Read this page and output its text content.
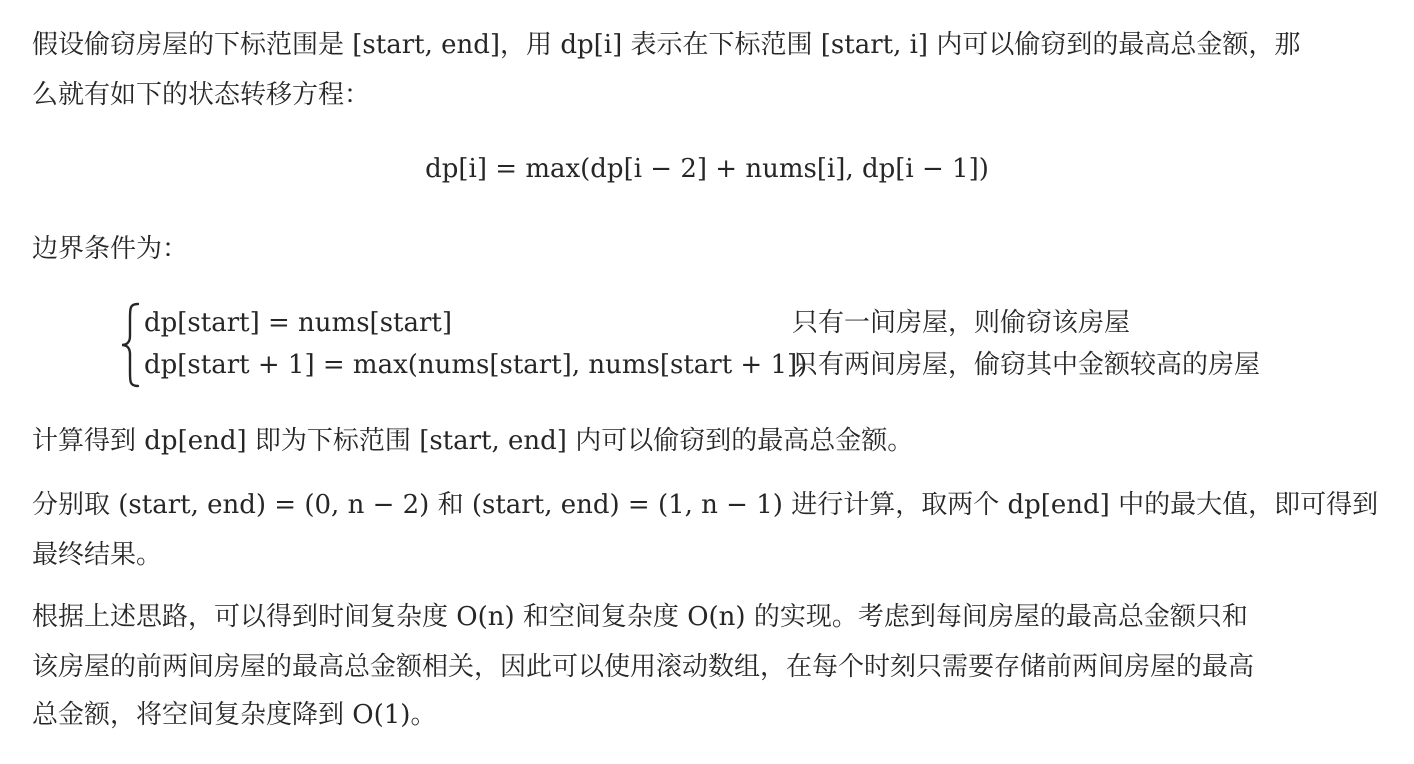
假设偷窃房屋的下标范围是 [start, end]，用 dp[i] 表示在下标范围 [start, i] 内可以偷窃到的最高总金额，那
么就有如下的状态转移方程：
dp[i] = max(dp[i − 2] + nums[i], dp[i − 1])
边界条件为：
dp[start] = nums[start]	只有一间房屋，则偷窃该房屋
dp[start + 1] = max(nums[start], nums[start + 1])
只有两间房屋，偷窃其中金额较高的房屋
计算得到 dp[end] 即为下标范围 [start, end] 内可以偷窃到的最高总金额。
分别取 (start, end) = (0, n − 2) 和 (start, end) = (1, n − 1) 进行计算，取两个 dp[end] 中的最大值，即可得到
最终结果。
根据上述思路，可以得到时间复杂度 O(n) 和空间复杂度 O(n) 的实现。考虑到每间房屋的最高总金额只和
该房屋的前两间房屋的最高总金额相关，因此可以使用滚动数组，在每个时刻只需要存储前两间房屋的最高
总金额，将空间复杂度降到 O(1)。
